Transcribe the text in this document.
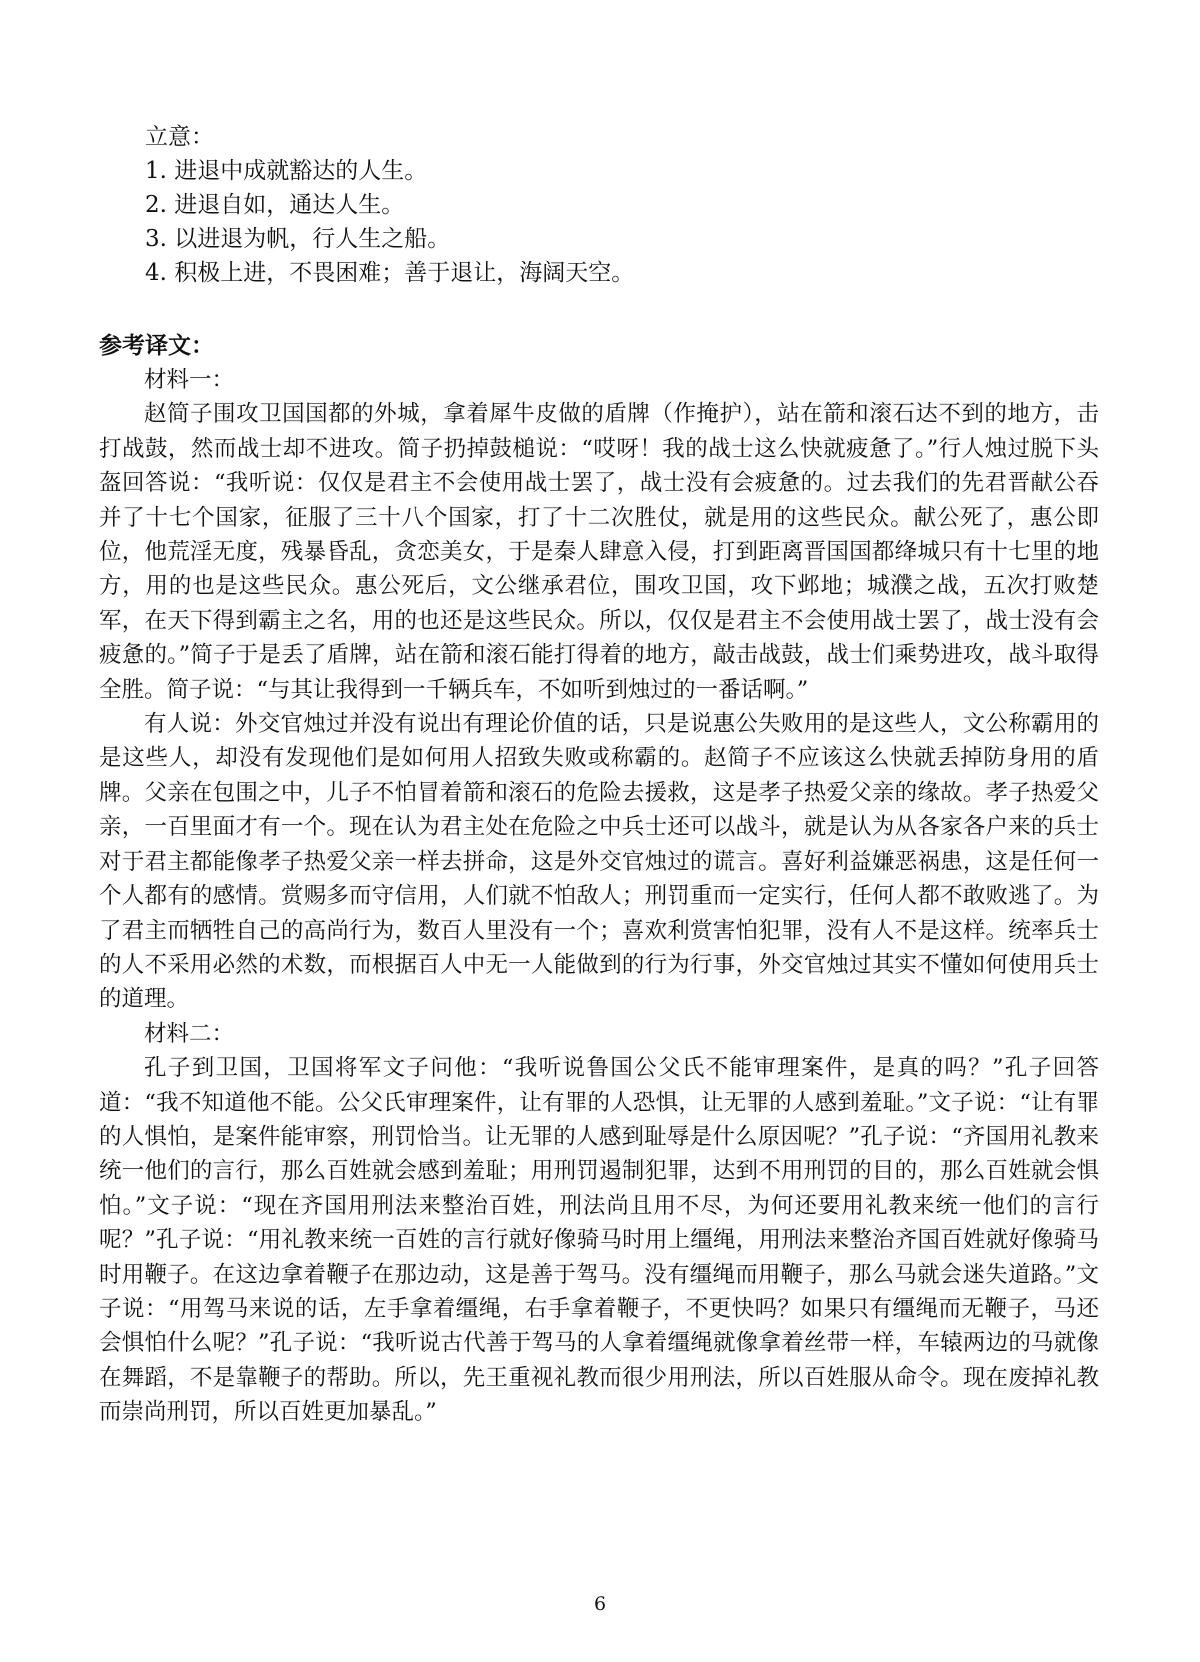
立意：
1. 进退中成就豁达的人生。
2. 进退自如，通达人生。
3. 以进退为帆，行人生之船。
4. 积极上进，不畏困难；善于退让，海阔天空。
参考译文：
材料一：

赵简子围攻卫国国都的外城，拿着犀牛皮做的盾牌（作掩护），站在箭和滚石达不到的地方，击打战鼓，然而战士却不进攻。简子扔掉鼓槌说：“哎呀！我的战士这么快就疲惫了。”行人烛过脱下头盔回答说：“我听说：仅仅是君主不会使用战士罢了，战士没有会疲惫的。过去我们的先君晋献公吞并了十七个国家，征服了三十八个国家，打了十二次胜仗，就是用的这些民众。献公死了，惠公即位，他荒淫无度，残暴昏乱，贪恋美女，于是秦人肆意入侵，打到距离晋国国都绛城只有十七里的地方，用的也是这些民众。惠公死后，文公继承君位，围攻卫国，攻下邺地；城濮之战，五次打败楚军，在天下得到霸主之名，用的也还是这些民众。所以，仅仅是君主不会使用战士罢了，战士没有会疲惫的。”简子于是丢了盾牌，站在箭和滚石能打得着的地方，敲击战鼓，战士们乘势进攻，战斗取得全胜。简子说：“与其让我得到一千辆兵车，不如听到烛过的一番话啊。”

有人说：外交官烛过并没有说出有理论价值的话，只是说惠公失败用的是这些人，文公称霸用的是这些人，却没有发现他们是如何用人招致失败或称霸的。赵简子不应该这么快就丢掉防身用的盾牌。父亲在包围之中，儿子不怕冒着箭和滚石的危险去援救，这是孝子热爱父亲的缘故。孝子热爱父亲，一百里面才有一个。现在认为君主处在危险之中兵士还可以战斗，就是认为从各家各户来的兵士对于君主都能像孝子热爱父亲一样去拼命，这是外交官烛过的谎言。喜好利益嫌恶祸患，这是任何一个人都有的感情。赏赐多而守信用，人们就不怕敌人；刑罚重而一定实行，任何人都不敢败逃了。为了君主而牺牲自己的高尚行为，数百人里没有一个；喜欢利赏害怕犯罪，没有人不是这样。统率兵士的人不采用必然的术数，而根据百人中无一人能做到的行为行事，外交官烛过其实不懂如何使用兵士的道理。

材料二：

孔子到卫国，卫国将军文子问他：“我听说鲁国公父氏不能审理案件，是真的吗？”孔子回答道：“我不知道他不能。公父氏审理案件，让有罪的人恐惧，让无罪的人感到羞耻。”文子说：“让有罪的人惧怕，是案件能审察，刑罚恰当。让无罪的人感到耻辱是什么原因呢？”孔子说：“齐国用礼教来统一他们的言行，那么百姓就会感到羞耻；用刑罚遏制犯罪，达到不用刑罚的目的，那么百姓就会惧怕。”文子说：“现在齐国用刑法来整治百姓，刑法尚且用不尽，为何还要用礼教来统一他们的言行呢？”孔子说：“用礼教来统一百姓的言行就好像骑马时用上缰绳，用刑法来整治齐国百姓就好像骑马时用鞭子。在这边拿着鞭子在那边动，这是善于驾马。没有缰绳而用鞭子，那么马就会迷失道路。”文子说：“用驾马来说的话，左手拿着缰绳，右手拿着鞭子，不更快吗？如果只有缰绳而无鞭子，马还会惧怕什么呢？”孔子说：“我听说古代善于驾马的人拿着缰绳就像拿着丝带一样，车辕两边的马就像在舞蹈，不是靠鞭子的帮助。所以，先王重视礼教而很少用刑法，所以百姓服从命令。现在废掉礼教而崇尚刑罚，所以百姓更加暴乱。”

6
